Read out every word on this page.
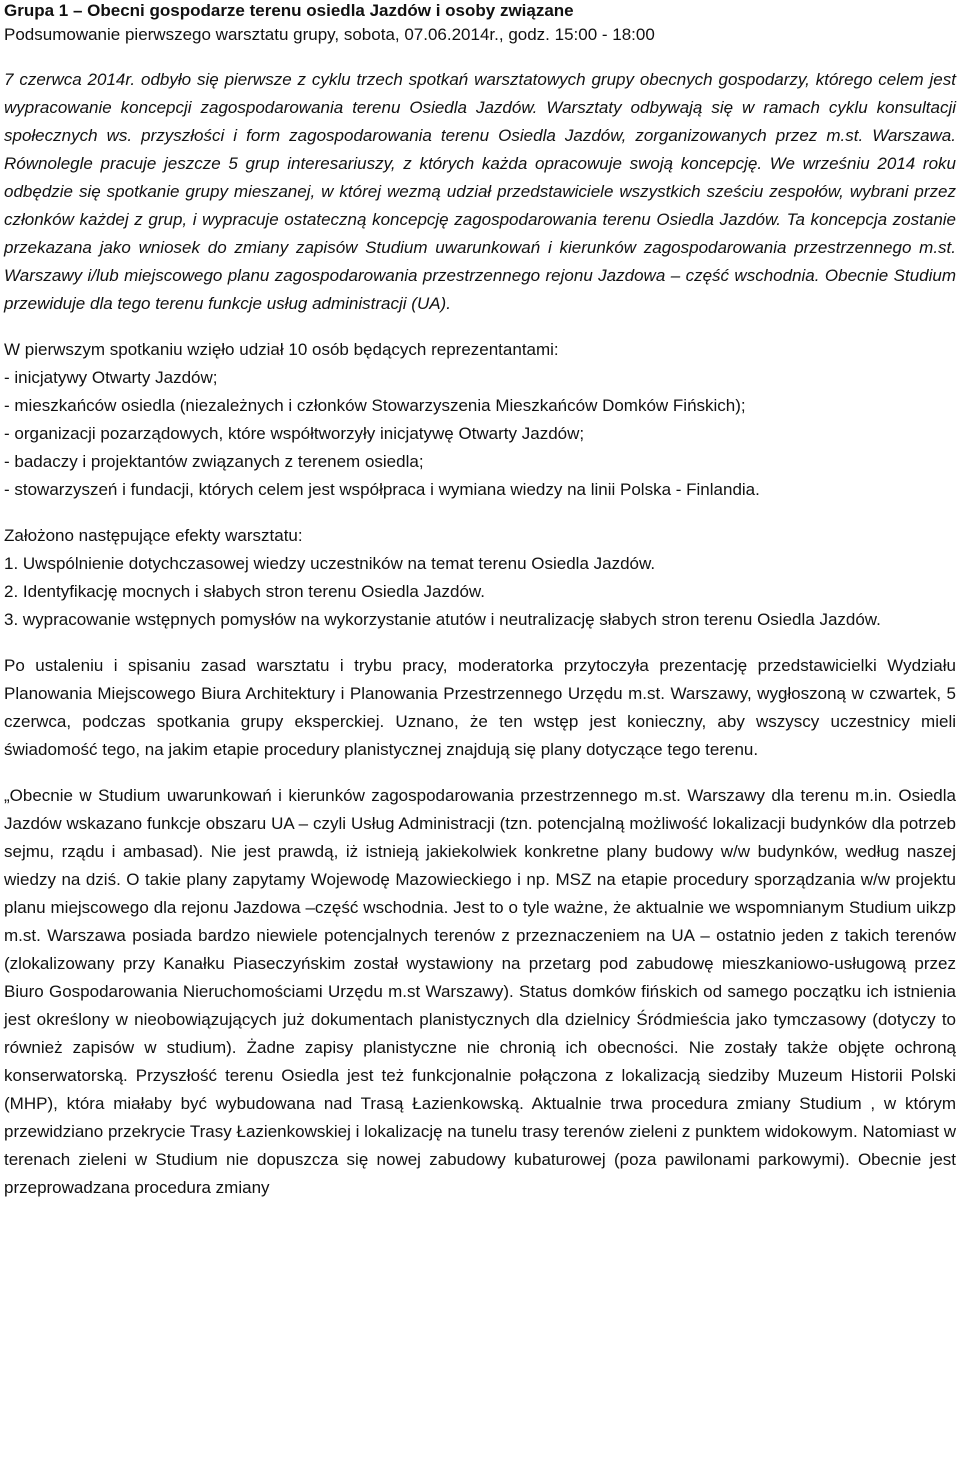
Grupa 1 – Obecni gospodarze terenu osiedla Jazdów i osoby związane

Podsumowanie pierwszego warsztatu grupy, sobota, 07.06.2014r., godz. 15:00 - 18:00

7 czerwca 2014r. odbyło się pierwsze z cyklu trzech spotkań warsztatowych grupy obecnych gospodarzy, którego celem jest wypracowanie koncepcji zagospodarowania terenu Osiedla Jazdów. Warsztaty odbywają się w ramach cyklu konsultacji społecznych ws. przyszłości i form zagospodarowania terenu Osiedla Jazdów, zorganizowanych przez m.st. Warszawa. Równolegle pracuje jeszcze 5 grup interesariuszy, z których każda opracowuje swoją koncepcję. We wrześniu 2014 roku odbędzie się spotkanie grupy mieszanej, w której wezmą udział przedstawiciele wszystkich sześciu zespołów, wybrani przez członków każdej z grup, i wypracuje ostateczną koncepcję zagospodarowania terenu Osiedla Jazdów. Ta koncepcja zostanie przekazana jako wniosek do zmiany zapisów Studium uwarunkowań i kierunków zagospodarowania przestrzennego m.st. Warszawy i/lub miejscowego planu zagospodarowania przestrzennego rejonu Jazdowa – część wschodnia. Obecnie Studium przewiduje dla tego terenu funkcje usług administracji (UA).

W pierwszym spotkaniu wzięło udział 10 osób będących reprezentantami:

- inicjatywy Otwarty Jazdów;

- mieszkańców osiedla (niezależnych i członków Stowarzyszenia Mieszkańców Domków Fińskich);

- organizacji pozarządowych, które współtworzyły inicjatywę Otwarty Jazdów;

- badaczy i projektantów związanych z terenem osiedla;

- stowarzyszeń i fundacji, których celem jest współpraca i wymiana wiedzy na linii Polska - Finlandia.

Założono następujące efekty warsztatu:

1. Uwspólnienie dotychczasowej wiedzy uczestników na temat terenu Osiedla Jazdów.

2. Identyfikację mocnych i słabych stron terenu Osiedla Jazdów.

3. wypracowanie wstępnych pomysłów na wykorzystanie atutów i neutralizację słabych stron terenu Osiedla Jazdów.

Po ustaleniu i spisaniu zasad warsztatu i trybu pracy, moderatorka przytoczyła prezentację przedstawicielki Wydziału Planowania Miejscowego Biura Architektury i Planowania Przestrzennego Urzędu m.st. Warszawy, wygłoszoną w czwartek, 5 czerwca, podczas spotkania grupy eksperckiej. Uznano, że ten wstęp jest konieczny, aby wszyscy uczestnicy mieli świadomość tego, na jakim etapie procedury planistycznej znajdują się plany dotyczące tego terenu.

„Obecnie w Studium uwarunkowań i kierunków zagospodarowania przestrzennego m.st. Warszawy dla terenu m.in. Osiedla Jazdów wskazano funkcje obszaru UA – czyli Usług Administracji (tzn. potencjalną możliwość lokalizacji budynków dla potrzeb sejmu, rządu i ambasad). Nie jest prawdą, iż istnieją jakiekolwiek konkretne plany budowy w/w budynków, według naszej wiedzy na dziś. O takie plany zapytamy Wojewodę Mazowieckiego i np. MSZ na etapie procedury sporządzania w/w projektu planu miejscowego dla rejonu Jazdowa –część wschodnia. Jest to o tyle ważne, że aktualnie we wspomnianym Studium uikzp m.st. Warszawa posiada bardzo niewiele potencjalnych terenów z przeznaczeniem na UA – ostatnio jeden z takich terenów (zlokalizowany przy Kanałku Piaseczyńskim został wystawiony na przetarg pod zabudowę mieszkaniowo-usługową przez Biuro Gospodarowania Nieruchomościami Urzędu m.st Warszawy). Status domków fińskich od samego początku ich istnienia jest określony w nieobowiązujących już dokumentach planistycznych dla dzielnicy Śródmieścia jako tymczasowy (dotyczy to również zapisów w studium). Żadne zapisy planistyczne nie chronią ich obecności. Nie zostały także objęte ochroną konserwatorską. Przyszłość terenu Osiedla jest też funkcjonalnie połączona z lokalizacją siedziby Muzeum Historii Polski (MHP), która miałaby być wybudowana nad Trasą Łazienkowską. Aktualnie trwa procedura zmiany Studium , w którym przewidziano przekrycie Trasy Łazienkowskiej i lokalizację na tunelu trasy terenów zieleni z punktem widokowym. Natomiast w terenach zieleni w Studium nie dopuszcza się nowej zabudowy kubaturowej (poza pawilonami parkowymi). Obecnie jest przeprowadzana procedura zmiany
